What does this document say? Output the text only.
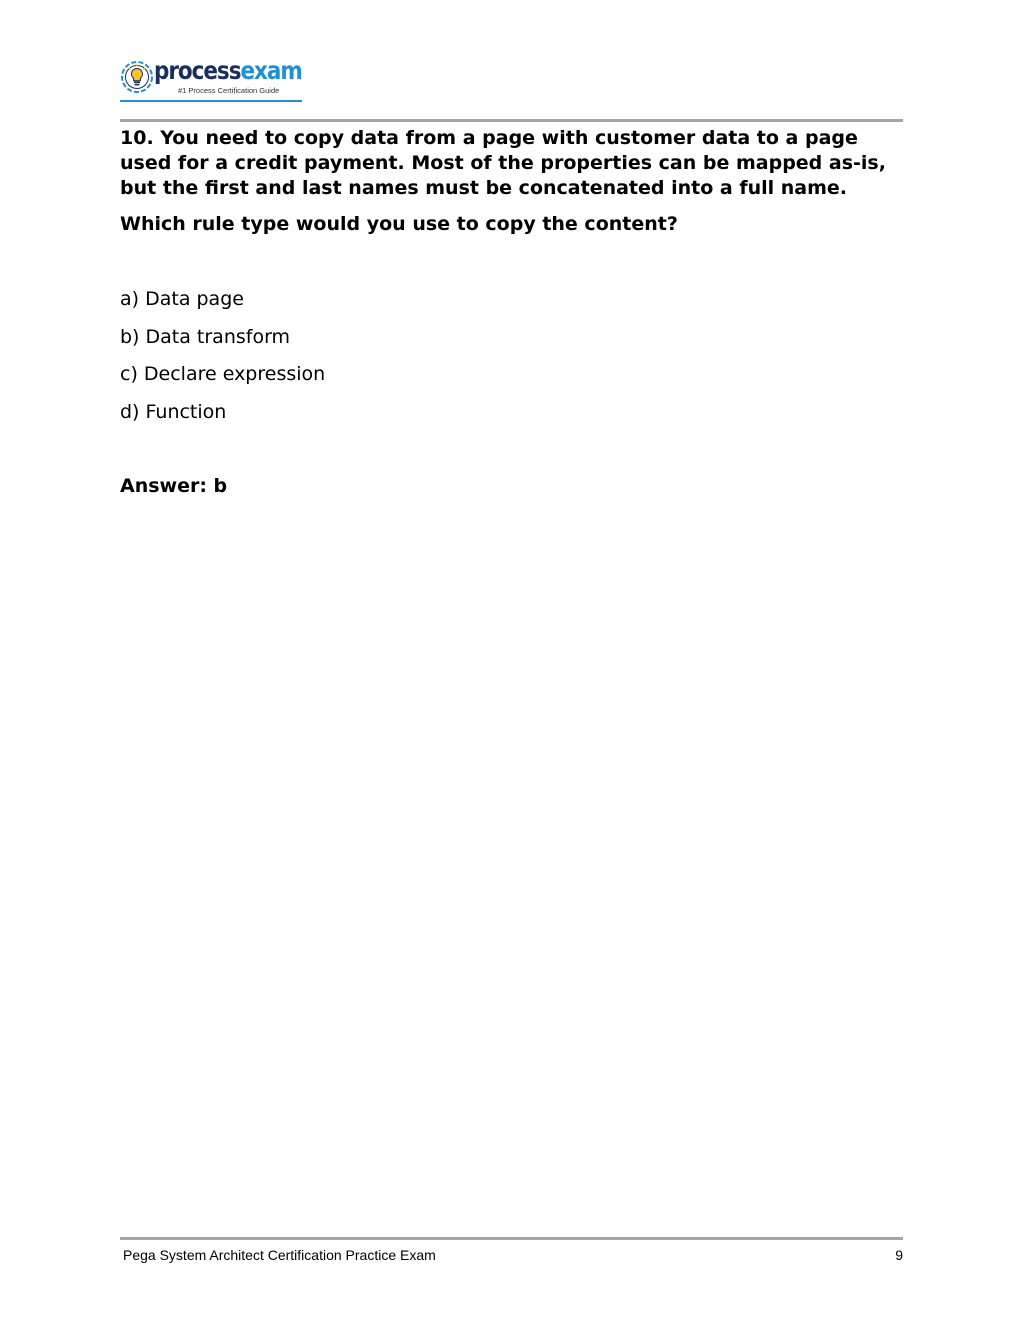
processexam
#1 Process Certification Guide

10. You need to copy data from a page with customer data to a page used for a credit payment. Most of the properties can be mapped as-is, but the first and last names must be concatenated into a full name.

Which rule type would you use to copy the content?

a) Data page
b) Data transform
c) Declare expression
d) Function

Answer: b

Pega System Architect Certification Practice Exam	9
